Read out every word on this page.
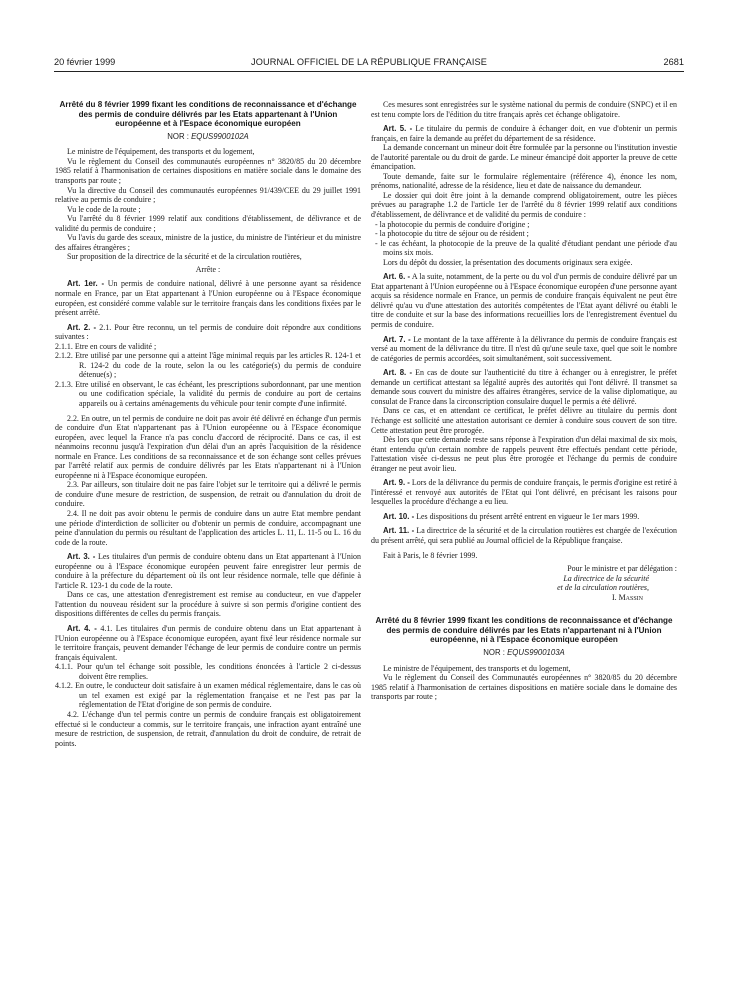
20 février 1999	JOURNAL OFFICIEL DE LA RÉPUBLIQUE FRANÇAISE	2681

Arrêté du 8 février 1999 fixant les conditions de reconnaissance et d'échange des permis de conduire délivrés par les Etats appartenant à l'Union européenne et à l'Espace économique européen

NOR : EQUS9900102A

Le ministre de l'équipement, des transports et du logement,

Vu le règlement du Conseil des communautés européennes n° 3820/85 du 20 décembre 1985 relatif à l'harmonisation de certaines dispositions en matière sociale dans le domaine des transports par route ;

Vu la directive du Conseil des communautés européennes 91/439/CEE du 29 juillet 1991 relative au permis de conduire ;

Vu le code de la route ;

Vu l'arrêté du 8 février 1999 relatif aux conditions d'établissement, de délivrance et de validité du permis de conduire ;

Vu l'avis du garde des sceaux, ministre de la justice, du ministre de l'intérieur et du ministre des affaires étrangères ;

Sur proposition de la directrice de la sécurité et de la circulation routières,

Arrête :

Art. 1er. - Un permis de conduire national, délivré à une personne ayant sa résidence normale en France, par un Etat appartenant à l'Union européenne ou à l'Espace économique européen, est considéré comme valable sur le territoire français dans les conditions fixées par le présent arrêté.

Art. 2. - 2.1. Pour être reconnu, un tel permis de conduire doit répondre aux conditions suivantes :

2.1.1. Etre en cours de validité ;

2.1.2. Etre utilisé par une personne qui a atteint l'âge minimal requis par les articles R. 124-1 et R. 124-2 du code de la route, selon la ou les catégorie(s) du permis de conduire détenue(s) ;

2.1.3. Etre utilisé en observant, le cas échéant, les prescriptions subordonnant, par une mention ou une codification spéciale, la validité du permis de conduire au port de certains appareils ou à certains aménagements du véhicule pour tenir compte d'une infirmité.

2.2. En outre, un tel permis de conduire ne doit pas avoir été délivré en échange d'un permis de conduire d'un Etat n'appartenant pas à l'Union européenne ou à l'Espace économique européen, avec lequel la France n'a pas conclu d'accord de réciprocité. Dans ce cas, il est néanmoins reconnu jusqu'à l'expiration d'un délai d'un an après l'acquisition de la résidence normale en France. Les conditions de sa reconnaissance et de son échange sont celles prévues par l'arrêté relatif aux permis de conduire délivrés par les Etats n'appartenant ni à l'Union européenne ni à l'Espace économique européen.

2.3. Par ailleurs, son titulaire doit ne pas faire l'objet sur le territoire qui a délivré le permis de conduire d'une mesure de restriction, de suspension, de retrait ou d'annulation du droit de conduire.

2.4. Il ne doit pas avoir obtenu le permis de conduire dans un autre Etat membre pendant une période d'interdiction de solliciter ou d'obtenir un permis de conduire, accompagnant une peine d'annulation du permis ou résultant de l'application des articles L. 11, L. 11-5 ou L. 16 du code de la route.

Art. 3. - Les titulaires d'un permis de conduire obtenu dans un Etat appartenant à l'Union européenne ou à l'Espace économique européen peuvent faire enregistrer leur permis de conduire à la préfecture du département où ils ont leur résidence normale, telle que définie à l'article R. 123-1 du code de la route.

Dans ce cas, une attestation d'enregistrement est remise au conducteur, en vue d'appeler l'attention du nouveau résident sur la procédure à suivre si son permis d'origine contient des dispositions différentes de celles du permis français.

Art. 4. - 4.1. Les titulaires d'un permis de conduire obtenu dans un Etat appartenant à l'Union européenne ou à l'Espace économique européen, ayant fixé leur résidence normale sur le territoire français, peuvent demander l'échange de leur permis de conduire contre un permis français équivalent.

4.1.1. Pour qu'un tel échange soit possible, les conditions énoncées à l'article 2 ci-dessus doivent être remplies.

4.1.2. En outre, le conducteur doit satisfaire à un examen médical réglementaire, dans le cas où un tel examen est exigé par la réglementation française et ne l'est pas par la réglementation de l'Etat d'origine de son permis de conduire.

4.2. L'échange d'un tel permis contre un permis de conduire français est obligatoirement effectué si le conducteur a commis, sur le territoire français, une infraction ayant entraîné une mesure de restriction, de suspension, de retrait, d'annulation du droit de conduire, de retrait de points.

Ces mesures sont enregistrées sur le système national du permis de conduire (SNPC) et il en est tenu compte lors de l'édition du titre français après cet échange obligatoire.

Art. 5. - Le titulaire du permis de conduire à échanger doit, en vue d'obtenir un permis français, en faire la demande au préfet du département de sa résidence.

La demande concernant un mineur doit être formulée par la personne ou l'institution investie de l'autorité parentale ou du droit de garde. Le mineur émancipé doit apporter la preuve de cette émancipation.

Toute demande, faite sur le formulaire réglementaire (référence 4), énonce les nom, prénoms, nationalité, adresse de la résidence, lieu et date de naissance du demandeur.

Le dossier qui doit être joint à la demande comprend obligatoirement, outre les pièces prévues au paragraphe 1.2 de l'article 1er de l'arrêté du 8 février 1999 relatif aux conditions d'établissement, de délivrance et de validité du permis de conduire :

- la photocopie du permis de conduire d'origine ;

- la photocopie du titre de séjour ou de résident ;

- le cas échéant, la photocopie de la preuve de la qualité d'étudiant pendant une période d'au moins six mois.

Lors du dépôt du dossier, la présentation des documents originaux sera exigée.

Art. 6. - A la suite, notamment, de la perte ou du vol d'un permis de conduire délivré par un Etat appartenant à l'Union européenne ou à l'Espace économique européen d'une personne ayant acquis sa résidence normale en France, un permis de conduire français équivalent ne peut être délivré qu'au vu d'une attestation des autorités compétentes de l'Etat ayant délivré ou établi le titre de conduite et sur la base des informations recueillies lors de l'enregistrement éventuel du permis de conduire.

Art. 7. - Le montant de la taxe afférente à la délivrance du permis de conduire français est versé au moment de la délivrance du titre. Il n'est dû qu'une seule taxe, quel que soit le nombre de catégories de permis accordées, soit simultanément, soit successivement.

Art. 8. - En cas de doute sur l'authenticité du titre à échanger ou à enregistrer, le préfet demande un certificat attestant sa légalité auprès des autorités qui l'ont délivré. Il transmet sa demande sous couvert du ministre des affaires étrangères, service de la valise diplomatique, au consulat de France dans la circonscription consulaire duquel le permis a été délivré.

Dans ce cas, et en attendant ce certificat, le préfet délivre au titulaire du permis dont l'échange est sollicité une attestation autorisant ce dernier à conduire sous couvert de son titre. Cette attestation peut être prorogée.

Dès lors que cette demande reste sans réponse à l'expiration d'un délai maximal de six mois, étant entendu qu'un certain nombre de rappels peuvent être effectués pendant cette période, l'attestation visée ci-dessus ne peut plus être prorogée et l'échange du permis de conduire étranger ne peut avoir lieu.

Art. 9. - Lors de la délivrance du permis de conduire français, le permis d'origine est retiré à l'intéressé et renvoyé aux autorités de l'Etat qui l'ont délivré, en précisant les raisons pour lesquelles la procédure d'échange a eu lieu.

Art. 10. - Les dispositions du présent arrêté entrent en vigueur le 1er mars 1999.

Art. 11. - La directrice de la sécurité et de la circulation routières est chargée de l'exécution du présent arrêté, qui sera publié au Journal officiel de la République française.

Fait à Paris, le 8 février 1999.

Pour le ministre et par délégation :

La directrice de la sécurité

et de la circulation routières,

I. Massin

Arrêté du 8 février 1999 fixant les conditions de reconnaissance et d'échange des permis de conduire délivrés par les Etats n'appartenant ni à l'Union européenne, ni à l'Espace économique européen

NOR : EQUS9900103A

Le ministre de l'équipement, des transports et du logement,

Vu le règlement du Conseil des Communautés européennes n° 3820/85 du 20 décembre 1985 relatif à l'harmonisation de certaines dispositions en matière sociale dans le domaine des transports par route ;
